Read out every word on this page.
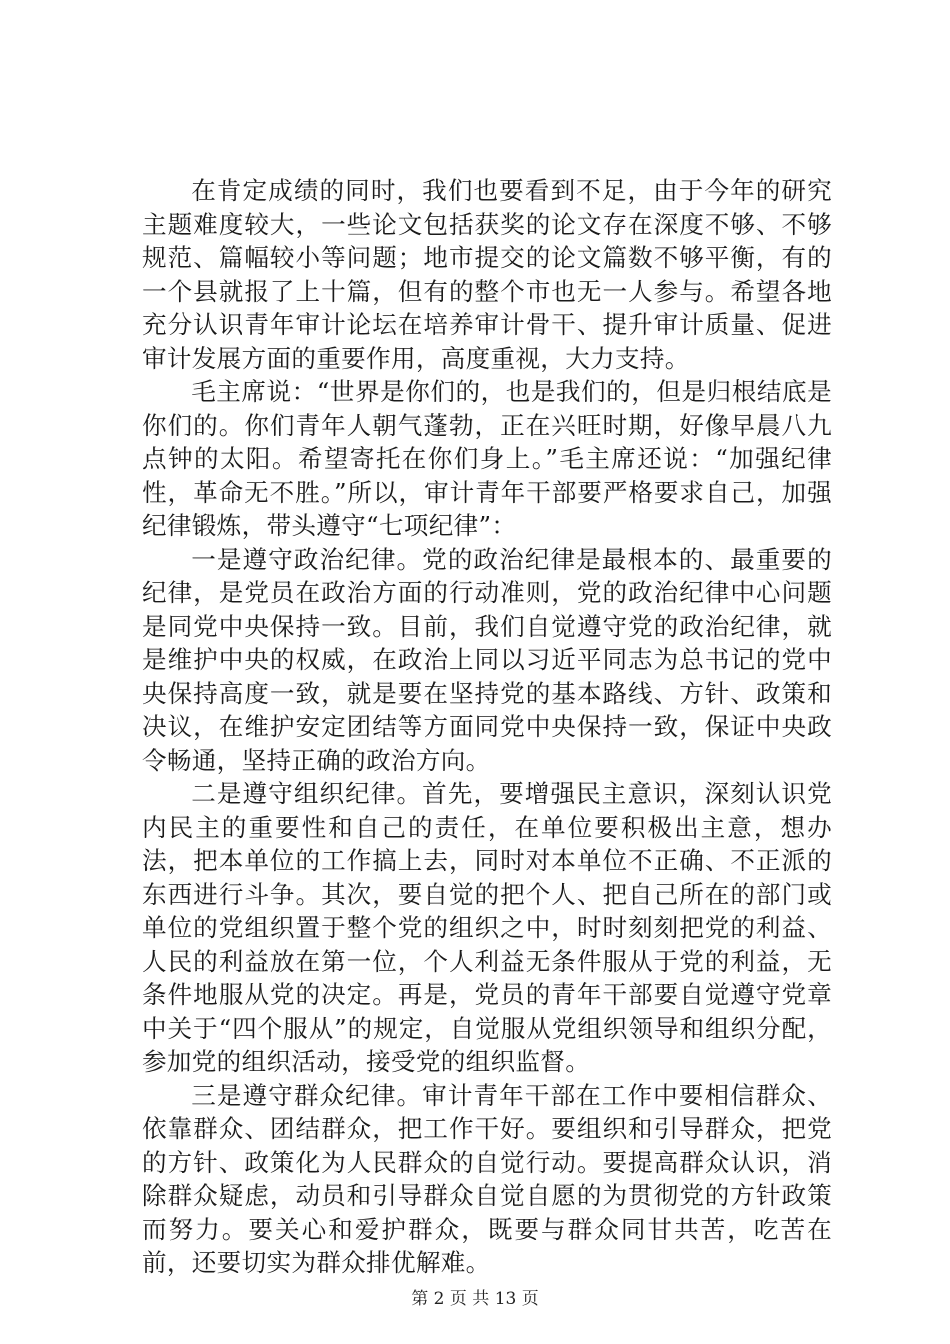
在肯定成绩的同时，我们也要看到不足，由于今年的研究主题难度较大，一些论文包括获奖的论文存在深度不够、不够规范、篇幅较小等问题；地市提交的论文篇数不够平衡，有的一个县就报了上十篇，但有的整个市也无一人参与。希望各地充分认识青年审计论坛在培养审计骨干、提升审计质量、促进审计发展方面的重要作用，高度重视，大力支持。

毛主席说：“世界是你们的，也是我们的，但是归根结底是你们的。你们青年人朝气蓬勃，正在兴旺时期，好像早晨八九点钟的太阳。希望寄托在你们身上。”毛主席还说：“加强纪律性，革命无不胜。”所以，审计青年干部要严格要求自己，加强纪律锻炼，带头遵守“七项纪律”：

一是遵守政治纪律。党的政治纪律是最根本的、最重要的纪律，是党员在政治方面的行动准则，党的政治纪律中心问题是同党中央保持一致。目前，我们自觉遵守党的政治纪律，就是维护中央的权威，在政治上同以习近平同志为总书记的党中央保持高度一致，就是要在坚持党的基本路线、方针、政策和决议，在维护安定团结等方面同党中央保持一致，保证中央政令畅通，坚持正确的政治方向。

二是遵守组织纪律。首先，要增强民主意识，深刻认识党内民主的重要性和自己的责任，在单位要积极出主意，想办法，把本单位的工作搞上去，同时对本单位不正确、不正派的东西进行斗争。其次，要自觉的把个人、把自己所在的部门或单位的党组织置于整个党的组织之中，时时刻刻把党的利益、人民的利益放在第一位，个人利益无条件服从于党的利益，无条件地服从党的决定。再是，党员的青年干部要自觉遵守党章中关于“四个服从”的规定，自觉服从党组织领导和组织分配，参加党的组织活动，接受党的组织监督。

三是遵守群众纪律。审计青年干部在工作中要相信群众、依靠群众、团结群众，把工作干好。要组织和引导群众，把党的方针、政策化为人民群众的自觉行动。要提高群众认识，消除群众疑虑，动员和引导群众自觉自愿的为贯彻党的方针政策而努力。要关心和爱护群众，既要与群众同甘共苦，吃苦在前，还要切实为群众排优解难。

第 2 页 共 13 页
